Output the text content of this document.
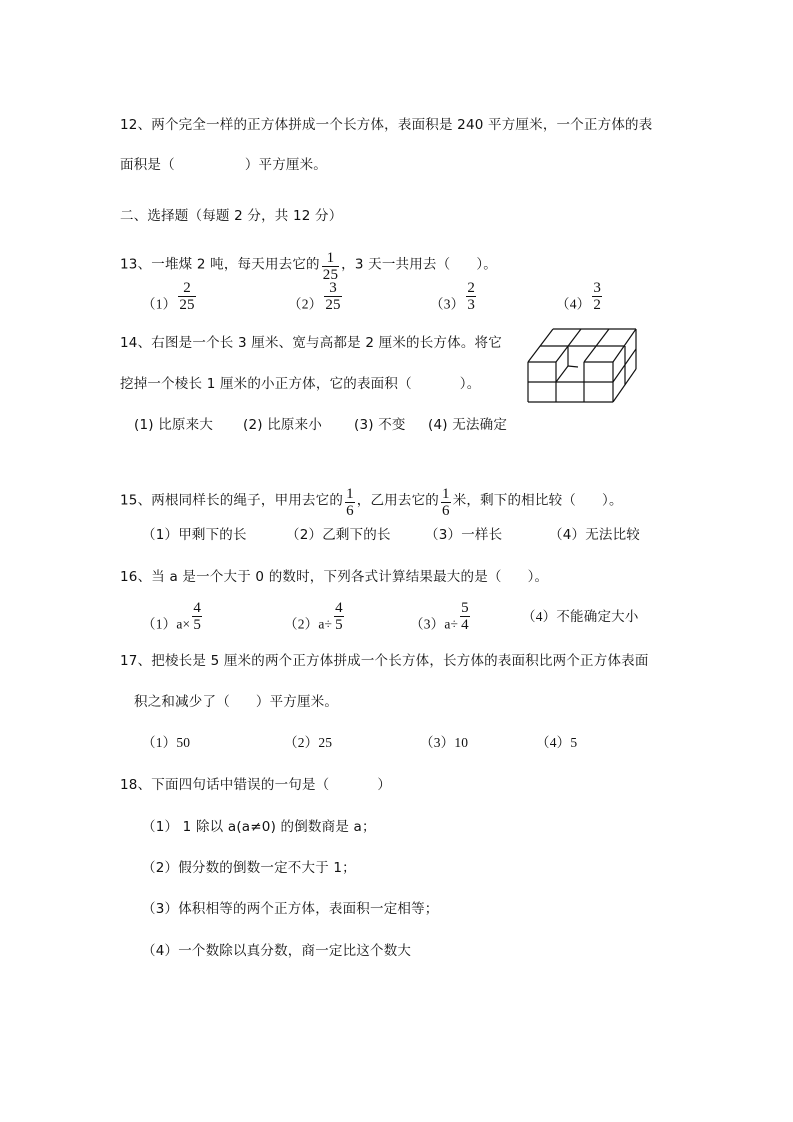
12、两个完全一样的正方体拼成一个长方体，表面积是 240 平方厘米，一个正方体的表
面积是（	）平方厘米。
二、选择题（每题 2 分，共 12 分）
13、一堆煤 2 吨，每天用去它的 $\frac{1}{25}$ ，3 天一共用去（ ）。
$(1) \frac{2}{25}$	$(2) \frac{3}{25}$	$(3) \frac{2}{3}$	$(4) \frac{3}{2}$
14、右图是一个长 3 厘米、宽与高都是 2 厘米的长方体。将它
挖掉一个棱长 1 厘米的小正方体，它的表面积（	）。
(1) 比原来大 (2) 比原来小 (3) 不变 (4) 无法确定
15、两根同样长的绳子，甲用去它的 $\frac{1}{6}$ ，乙用去它的 $\frac{1}{6}$ 米，剩下的相比较（ ）。
（1）甲剩下的长	（2）乙剩下的长	（3）一样长	（4）无法比较
16、当 a 是一个大于 0 的数时，下列各式计算结果最大的是（ ）。
$(1)a\times \frac{4}{5}$	$(2)a\div \frac{4}{5}$	$(3)a\div \frac{5}{4}$	（4）不能确定大小
17、把棱长是 5 厘米的两个正方体拼成一个长方体，长方体的表面积比两个正方体表面
积之和减少了（ ）平方厘米。
（1）50	（2）25	（3）10	（4）5
18、下面四句话中错误的一句是（	）
（1） 1 除以 a(a≠0) 的倒数商是 a；
（2）假分数的倒数一定不大于 1；
（3）体积相等的两个正方体，表面积一定相等；
（4）一个数除以真分数，商一定比这个数大
